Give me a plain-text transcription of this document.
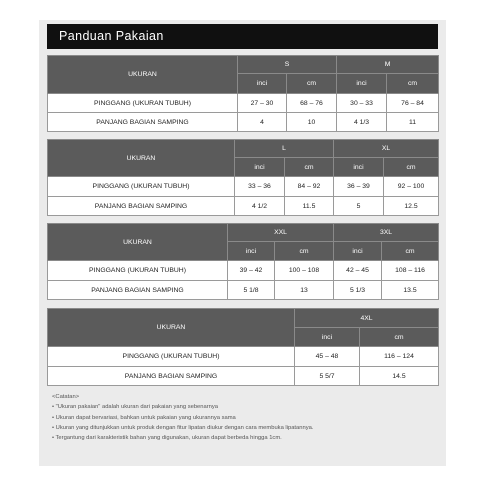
Panduan Pakaian
UKURAN	S		M	
	inci	cm	inci	cm
PINGGANG (UKURAN TUBUH)	27 – 30	68 – 76	30 – 33	76 – 84
PANJANG BAGIAN SAMPING	4	10	4 1/3	11
UKURAN	L		XL	
	inci	cm	inci	cm
PINGGANG (UKURAN TUBUH)	33 – 36	84 – 92	36 – 39	92 – 100
PANJANG BAGIAN SAMPING	4 1/2	11.5	5	12.5
UKURAN	XXL		3XL	
	inci	cm	inci	cm
PINGGANG (UKURAN TUBUH)	39 – 42	100 – 108	42 – 45	108 – 116
PANJANG BAGIAN SAMPING	5 1/8	13	5 1/3	13.5
UKURAN	4XL	
	inci	cm
PINGGANG (UKURAN TUBUH)	45 – 48	116 – 124
PANJANG BAGIAN SAMPING	5 5/7	14.5
<Catatan>
• "Ukuran pakaian" adalah ukuran dari pakaian yang sebenarnya
• Ukuran dapat bervariasi, bahkan untuk pakaian yang ukurannya sama
• Ukuran yang ditunjukkan untuk produk dengan fitur lipatan diukur dengan cara membuka lipatannya.
• Tergantung dari karakteristik bahan yang digunakan, ukuran dapat berbeda hingga 1cm.
